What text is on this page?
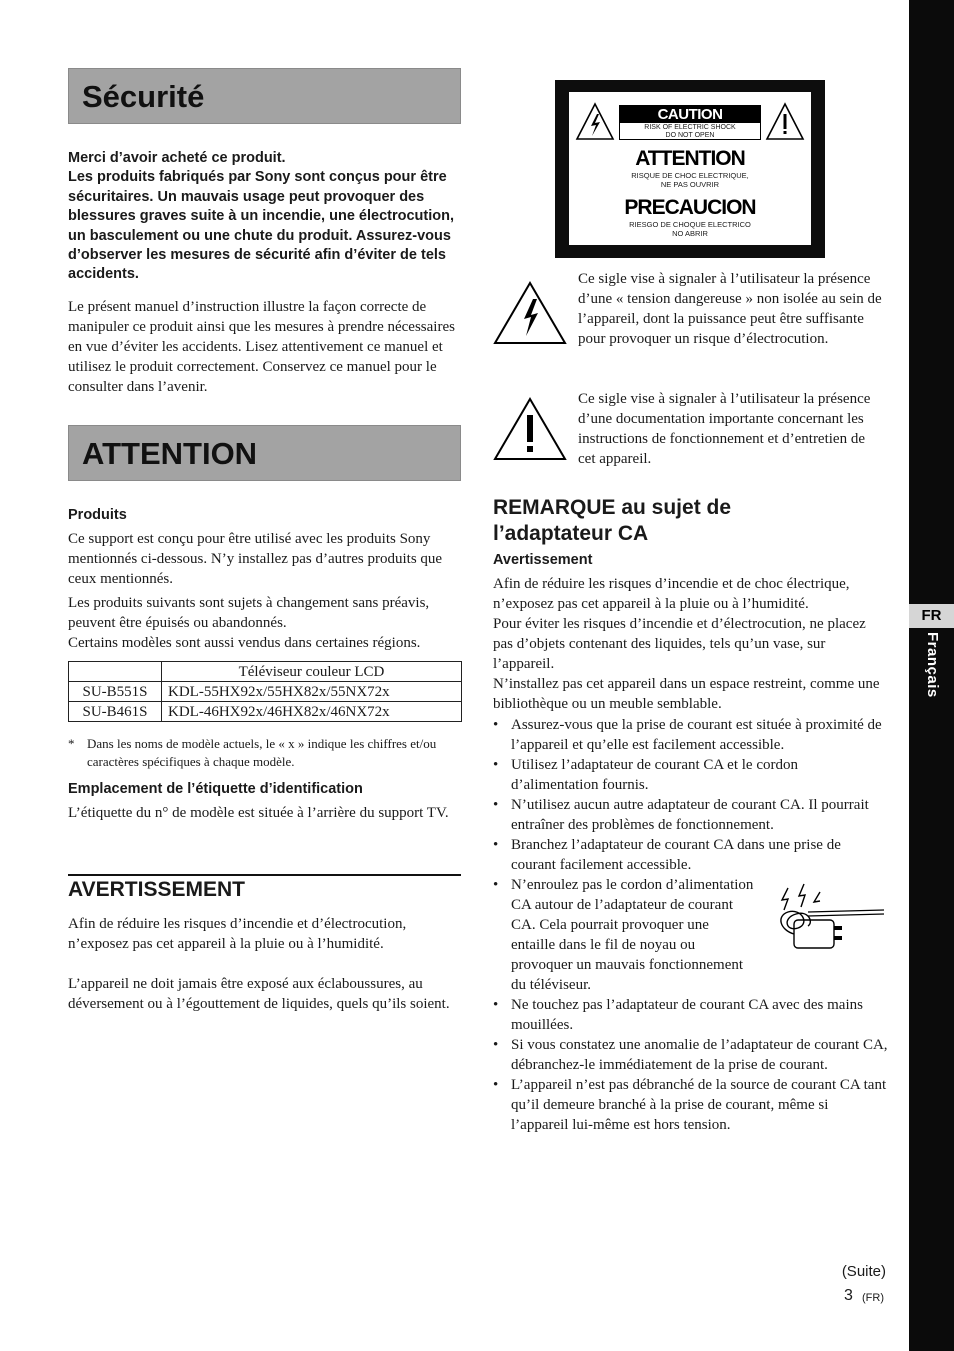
Sécurité
Merci d’avoir acheté ce produit.
Les produits fabriqués par Sony sont conçus pour être sécuritaires. Un mauvais usage peut provoquer des blessures graves suite à un incendie, une électrocution, un basculement ou une chute du produit. Assurez-vous d’observer les mesures de sécurité afin d’éviter de tels accidents.
Le présent manuel d’instruction illustre la façon correcte de manipuler ce produit ainsi que les mesures à prendre nécessaires en vue d’éviter les accidents. Lisez attentivement ce manuel et utilisez le produit correctement. Conservez ce manuel pour le consulter dans l’avenir.
ATTENTION
Produits
Ce support est conçu pour être utilisé avec les produits Sony mentionnés ci-dessous. N’y installez pas d’autres produits que ceux mentionnés.
Les produits suivants sont sujets à changement sans préavis, peuvent être épuisés ou abandonnés.
Certains modèles sont aussi vendus dans certaines régions.
	Téléviseur couleur LCD
SU-B551S	KDL-55HX92x/55HX82x/55NX72x
SU-B461S	KDL-46HX92x/46HX82x/46NX72x
* Dans les noms de modèle actuels, le « x » indique les chiffres et/ou caractères spécifiques à chaque modèle.
Emplacement de l’étiquette d’identification
L’étiquette du n° de modèle est située à l’arrière du support TV.
AVERTISSEMENT
Afin de réduire les risques d’incendie et d’électrocution, n’exposez pas cet appareil à la pluie ou à l’humidité.
L’appareil ne doit jamais être exposé aux éclaboussures, au déversement ou à l’égouttement de liquides, quels qu’ils soient.
CAUTION
RISK OF ELECTRIC SHOCK
DO NOT OPEN
ATTENTION
RISQUE DE CHOC ELECTRIQUE,
NE PAS OUVRIR
PRECAUCION
RIESGO DE CHOQUE ELECTRICO
NO ABRIR
Ce sigle vise à signaler à l’utilisateur la présence d’une « tension dangereuse » non isolée au sein de l’appareil, dont la puissance peut être suffisante pour provoquer un risque d’électrocution.
Ce sigle vise à signaler à l’utilisateur la présence d’une documentation importante concernant les instructions de fonctionnement et d’entretien de cet appareil.
REMARQUE au sujet de l’adaptateur CA
Avertissement
Afin de réduire les risques d’incendie et de choc électrique, n’exposez pas cet appareil à la pluie ou à l’humidité.
Pour éviter les risques d’incendie et d’électrocution, ne placez pas d’objets contenant des liquides, tels qu’un vase, sur l’appareil.
N’installez pas cet appareil dans un espace restreint, comme une bibliothèque ou un meuble semblable.
• Assurez-vous que la prise de courant est située à proximité de l’appareil et qu’elle est facilement accessible.
• Utilisez l’adaptateur de courant CA et le cordon d’alimentation fournis.
• N’utilisez aucun autre adaptateur de courant CA. Il pourrait entraîner des problèmes de fonctionnement.
• Branchez l’adaptateur de courant CA dans une prise de courant facilement accessible.
• N’enroulez pas le cordon d’alimentation CA autour de l’adaptateur de courant CA. Cela pourrait provoquer une entaille dans le fil de noyau ou provoquer un mauvais fonctionnement du téléviseur.
• Ne touchez pas l’adaptateur de courant CA avec des mains mouillées.
• Si vous constatez une anomalie de l’adaptateur de courant CA, débranchez-le immédiatement de la prise de courant.
• L’appareil n’est pas débranché de la source de courant CA tant qu’il demeure branché à la prise de courant, même si l’appareil lui-même est hors tension.
(Suite)
3 (FR)
FR
Français
